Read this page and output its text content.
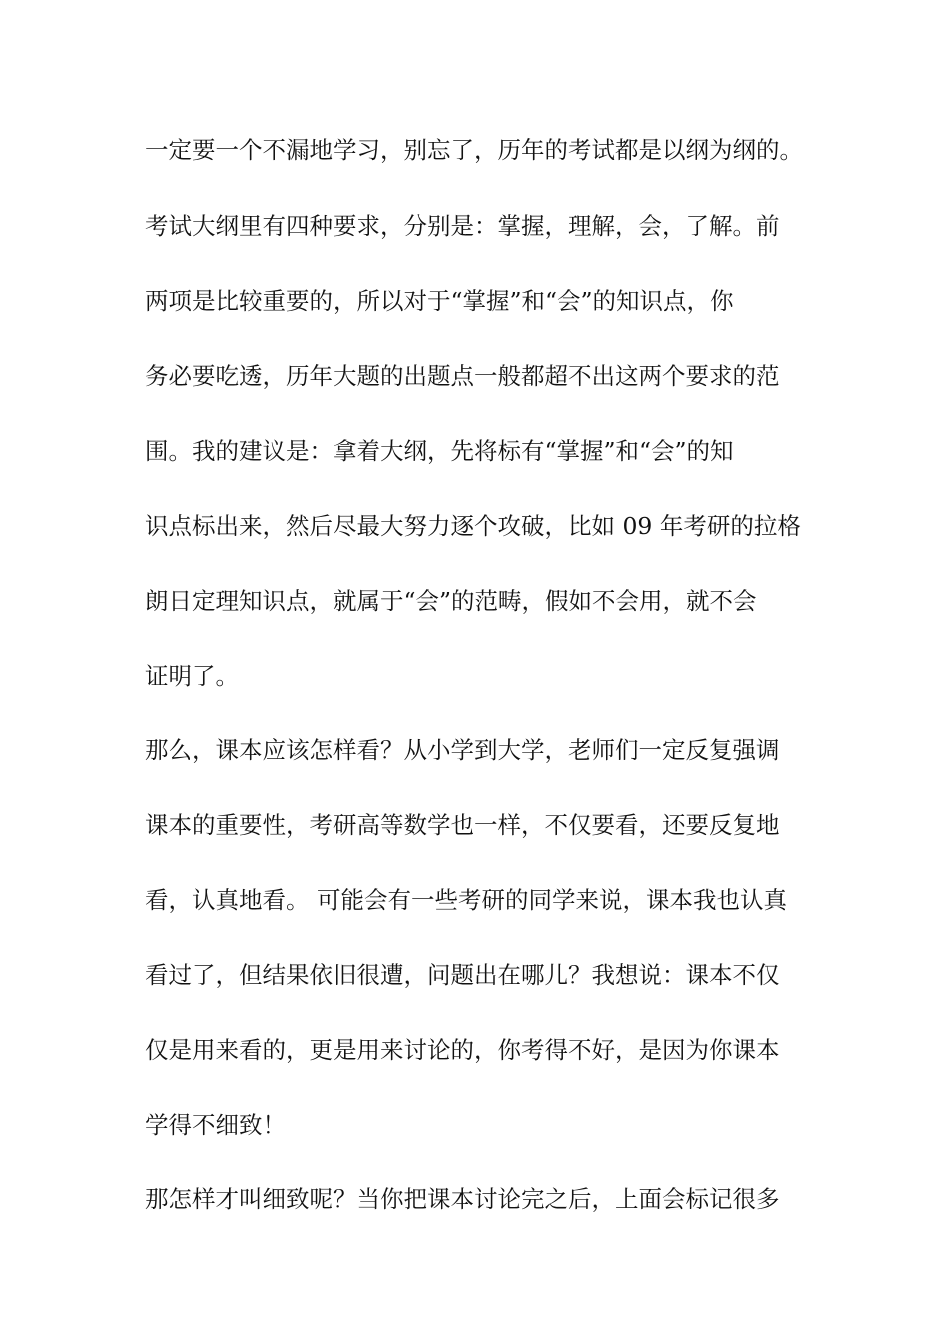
一定要一个不漏地学习，别忘了，历年的考试都是以纲为纲的。
考试大纲里有四种要求，分别是：掌握，理解，会，了解。前
两项是比较重要的，所以对于“掌握”和“会”的知识点，你
务必要吃透，历年大题的出题点一般都超不出这两个要求的范
围。我的建议是：拿着大纲，先将标有“掌握”和“会”的知
识点标出来，然后尽最大努力逐个攻破，比如 09 年考研的拉格
朗日定理知识点，就属于“会”的范畴，假如不会用，就不会
证明了。
那么，课本应该怎样看？从小学到大学，老师们一定反复强调
课本的重要性，考研高等数学也一样，不仅要看，还要反复地
看，认真地看。 可能会有一些考研的同学来说，课本我也认真
看过了，但结果依旧很遭，问题出在哪儿？我想说：课本不仅
仅是用来看的，更是用来讨论的，你考得不好，是因为你课本
学得不细致！
那怎样才叫细致呢？当你把课本讨论完之后，上面会标记很多
